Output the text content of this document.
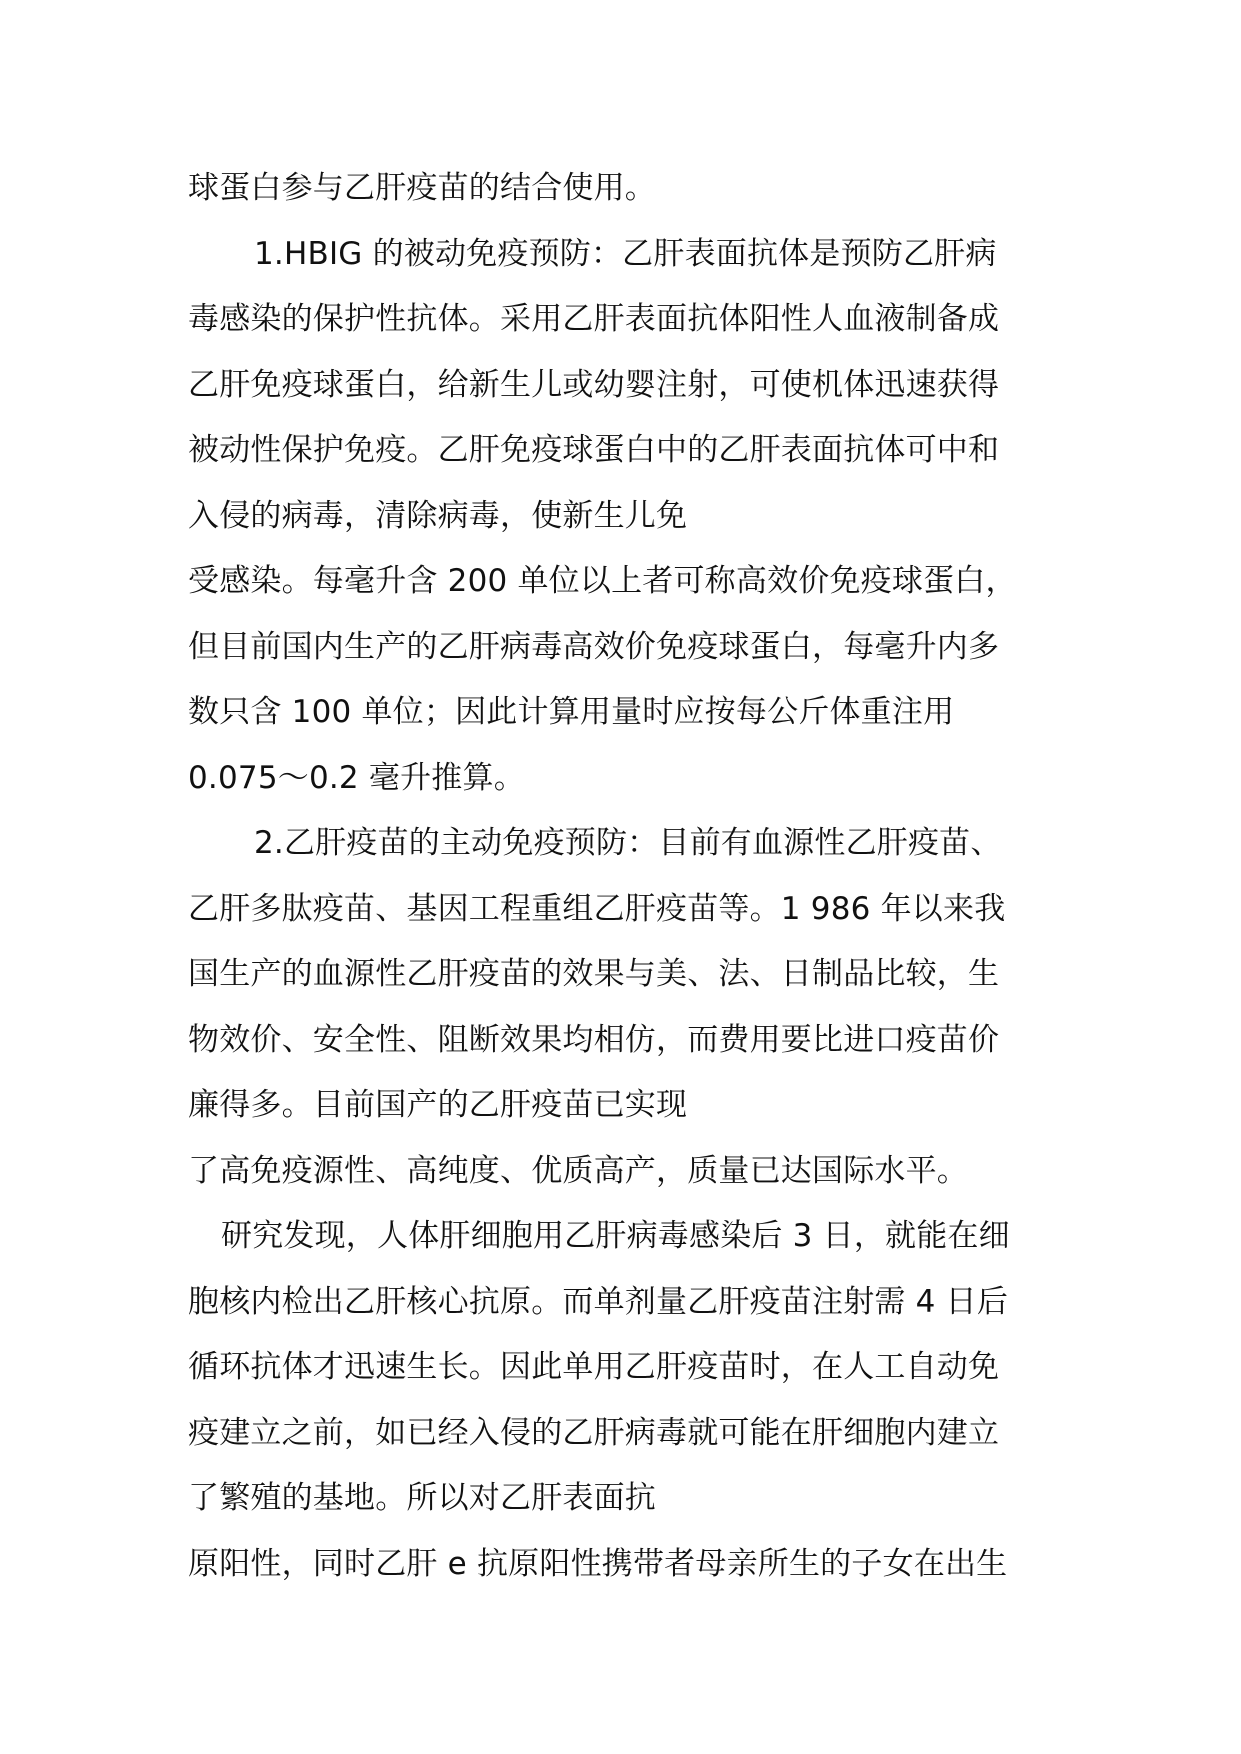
球蛋白参与乙肝疫苗的结合使用。
1.HBIG 的被动免疫预防：乙肝表面抗体是预防乙肝病
毒感染的保护性抗体。采用乙肝表面抗体阳性人血液制备成
乙肝免疫球蛋白，给新生儿或幼婴注射，可使机体迅速获得
被动性保护免疫。乙肝免疫球蛋白中的乙肝表面抗体可中和
入侵的病毒，清除病毒，使新生儿免
受感染。每毫升含 200 单位以上者可称高效价免疫球蛋白，
但目前国内生产的乙肝病毒高效价免疫球蛋白，每毫升内多
数只含 100 单位；因此计算用量时应按每公斤体重注用
0.075～0.2 毫升推算。
2.乙肝疫苗的主动免疫预防：目前有血源性乙肝疫苗、
乙肝多肽疫苗、基因工程重组乙肝疫苗等。1 986 年以来我
国生产的血源性乙肝疫苗的效果与美、法、日制品比较，生
物效价、安全性、阻断效果均相仿，而费用要比进口疫苗价
廉得多。目前国产的乙肝疫苗已实现
了高免疫源性、高纯度、优质高产，质量已达国际水平。
研究发现，人体肝细胞用乙肝病毒感染后 3 日，就能在细
胞核内检出乙肝核心抗原。而单剂量乙肝疫苗注射需 4 日后
循环抗体才迅速生长。因此单用乙肝疫苗时，在人工自动免
疫建立之前，如已经入侵的乙肝病毒就可能在肝细胞内建立
了繁殖的基地。所以对乙肝表面抗
原阳性，同时乙肝 e 抗原阳性携带者母亲所生的子女在出生
